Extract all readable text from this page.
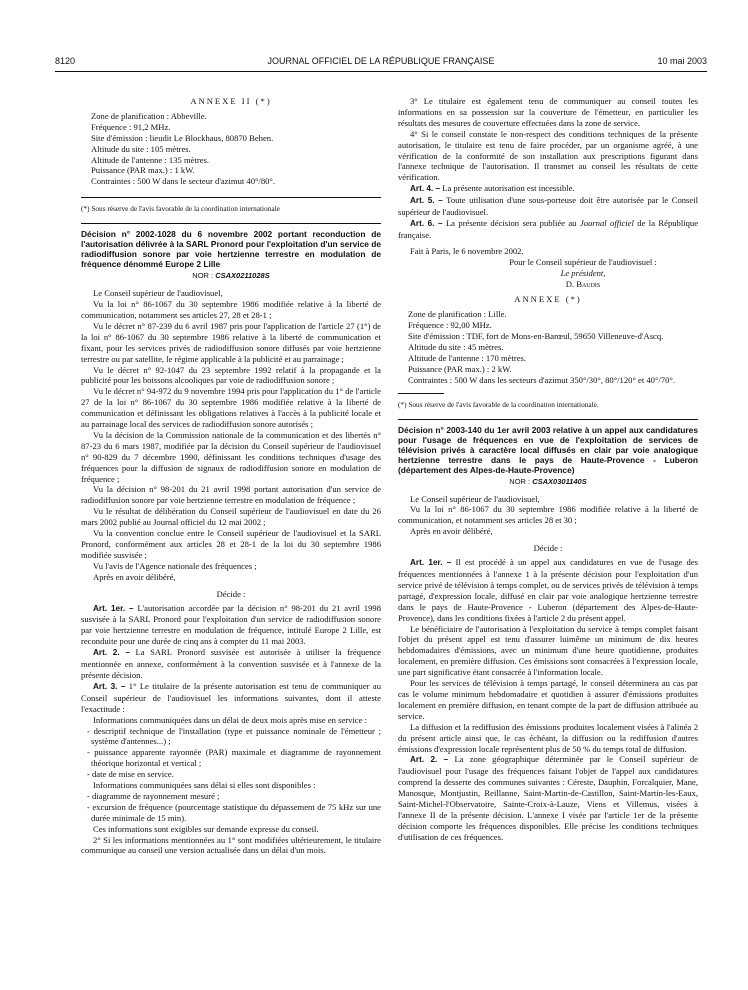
8120	JOURNAL OFFICIEL DE LA RÉPUBLIQUE FRANÇAISE	10 mai 2003

ANNEXE II (*)

Zone de planification : Abbeville.

Fréquence : 91,2 MHz.

Site d'émission : lieudit Le Blockhaus, 80870 Behen.

Altitude du site : 105 mètres.

Altitude de l'antenne : 135 mètres.

Puissance (PAR max.) : 1 kW.

Contraintes : 500 W dans le secteur d'azimut 40°/80°.

(*) Sous réserve de l'avis favorable de la coordination internationale

Décision n° 2002-1028 du 6 novembre 2002 portant reconduction de l'autorisation délivrée à la SARL Pronord pour l'exploitation d'un service de radiodiffusion sonore par voie hertzienne terrestre en modulation de fréquence dénommé Europe 2 Lille

NOR : CSAX0211028S

Le Conseil supérieur de l'audiovisuel,

Vu la loi n° 86-1067 du 30 septembre 1986 modifiée relative à la liberté de communication, notamment ses articles 27, 28 et 28-1 ;

Vu le décret n° 87-239 du 6 avril 1987 pris pour l'application de l'article 27 (1°) de la loi n° 86-1067 du 30 septembre 1986 relative à la liberté de communication et fixant, pour les services privés de radiodiffusion sonore diffusés par voie hertzienne terrestre ou par satellite, le régime applicable à la publicité et au parrainage ;

Vu le décret n° 92-1047 du 23 septembre 1992 relatif à la propagande et la publicité pour les boissons alcooliques par voie de radiodiffusion sonore ;

Vu le décret n° 94-972 du 9 novembre 1994 pris pour l'application du 1° de l'article 27 de la loi n° 86-1067 du 30 septembre 1986 modifiée relative à la liberté de communication et définissant les obligations relatives à l'accès à la publicité locale et au parrainage local des services de radiodiffusion sonore autorisés ;

Vu la décision de la Commission nationale de la communication et des libertés n° 87-23 du 6 mars 1987, modifiée par la décision du Conseil supérieur de l'audiovisuel n° 90-829 du 7 décembre 1990, définissant les conditions techniques d'usage des fréquences pour la diffusion de signaux de radiodiffusion sonore en modulation de fréquence ;

Vu la décision n° 98-201 du 21 avril 1998 portant autorisation d'un service de radiodiffusion sonore par voie hertzienne terrestre en modulation de fréquence ;

Vu le résultat de délibération du Conseil supérieur de l'audiovisuel en date du 26 mars 2002 publié au Journal officiel du 12 mai 2002 ;

Vu la convention conclue entre le Conseil supérieur de l'audiovisuel et la SARL Pronord, conformément aux articles 28 et 28-1 de la loi du 30 septembre 1986 modifiée susvisée ;

Vu l'avis de l'Agence nationale des fréquences ;

Après en avoir délibéré,

Décide :

Art. 1er. – L'autorisation accordée par la décision n° 98-201 du 21 avril 1998 susvisée à la SARL Pronord pour l'exploitation d'un service de radiodiffusion sonore par voie hertzienne terrestre en modulation de fréquence, intitulé Europe 2 Lille, est reconduite pour une durée de cinq ans à compter du 11 mai 2003.

Art. 2. – La SARL Pronord susvisée est autorisée à utiliser la fréquence mentionnée en annexe, conformément à la convention susvisée et à l'annexe de la présente décision.

Art. 3. – 1° Le titulaire de la présente autorisation est tenu de communiquer au Conseil supérieur de l'audiovisuel les informations suivantes, dont il atteste l'exactitude :

Informations communiquées dans un délai de deux mois après mise en service :

- descriptif technique de l'installation (type et puissance nominale de l'émetteur ; système d'antennes...) ;

- puissance apparente rayonnée (PAR) maximale et diagramme de rayonnement théorique horizontal et vertical ;

- date de mise en service.

Informations communiquées sans délai si elles sont disponibles :

- diagramme de rayonnement mesuré ;

- excursion de fréquence (pourcentage statistique du dépassement de 75 kHz sur une durée minimale de 15 min).

Ces informations sont exigibles sur demande expresse du conseil.

2° Si les informations mentionnées au 1° sont modifiées ultérieurement, le titulaire communique au conseil une version actualisée dans un délai d'un mois.

3° Le titulaire est également tenu de communiquer au conseil toutes les informations en sa possession sur la couverture de l'émetteur, en particulier les résultats des mesures de couverture effectuées dans la zone de service.

4° Si le conseil constate le non-respect des conditions techniques de la présente autorisation, le titulaire est tenu de faire procéder, par un organisme agréé, à une vérification de la conformité de son installation aux prescriptions figurant dans l'annexe technique de l'autorisation. Il transmet au conseil les résultats de cette vérification.

Art. 4. – La présente autorisation est incessible.

Art. 5. – Toute utilisation d'une sous-porteuse doit être autorisée par le Conseil supérieur de l'audiovisuel.

Art. 6. – La présente décision sera publiée au Journal officiel de la République française.

Fait à Paris, le 6 novembre 2002.

Pour le Conseil supérieur de l'audiovisuel :

Le président,

D. Baudis

ANNEXE (*)

Zone de planification : Lille.

Fréquence : 92,00 MHz.

Site d'émission : TDF, fort de Mons-en-Barœul, 59650 Villeneuve-d'Ascq.

Altitude du site : 45 mètres.

Altitude de l'antenne : 170 mètres.

Puissance (PAR max.) : 2 kW.

Contraintes : 500 W dans les secteurs d'azimut 350°/30°, 80°/120° et 40°/70°.

(*) Sous réserve de l'avis favorable de la coordination internationale.

Décision n° 2003-140 du 1er avril 2003 relative à un appel aux candidatures pour l'usage de fréquences en vue de l'exploitation de services de télévision privés à caractère local diffusés en clair par voie analogique hertzienne terrestre dans le pays de Haute-Provence - Luberon (département des Alpes-de-Haute-Provence)

NOR : CSAX0301140S

Le Conseil supérieur de l'audiovisuel,

Vu la loi n° 86-1067 du 30 septembre 1986 modifiée relative à la liberté de communication, et notamment ses articles 28 et 30 ;

Après en avoir délibéré,

Décide :

Art. 1er. – Il est procédé à un appel aux candidatures en vue de l'usage des fréquences mentionnées à l'annexe 1 à la présente décision pour l'exploitation d'un service privé de télévision à temps complet, ou de services privés de télévision à temps partagé, d'expression locale, diffusé en clair par voie analogique hertzienne terrestre dans le pays de Haute-Provence - Luberon (département des Alpes-de-Haute-Provence), dans les conditions fixées à l'article 2 du présent appel.

Le bénéficiaire de l'autorisation à l'exploitation du service à temps complet faisant l'objet du présent appel est tenu d'assurer luimême un minimum de dix heures hebdomadaires d'émissions, avec un minimum d'une heure quotidienne, produites localement, en première diffusion. Ces émissions sont consacrées à l'expression locale, une part significative étant consacrée à l'information locale.

Pour les services de télévision à temps partagé, le conseil déterminera au cas par cas le volume minimum hebdomadaire et quotidien à assurer d'émissions produites localement en première diffusion, en tenant compte de la part de diffusion attribuée au service.

La diffusion et la rediffusion des émissions produites localement visées à l'alinéa 2 du présent article ainsi que, le cas échéant, la diffusion ou la rediffusion d'autres émissions d'expression locale représentent plus de 50 % du temps total de diffusion.

Art. 2. – La zone géographique déterminée par le Conseil supérieur de l'audiovisuel pour l'usage des fréquences faisant l'objet de l'appel aux candidatures comprend la desserte des communes suivantes : Céreste, Dauphin, Forcalquier, Mane, Manosque, Montjustin, Reillanne, Saint-Martin-de-Castillon, Saint-Martin-les-Eaux, Saint-Michel-l'Observatoire, Sainte-Croix-à-Lauze, Viens et Villemus, visées à l'annexe II de la présente décision. L'annexe I visée par l'article 1er de la présente décision comporte les fréquences disponibles. Elle précise les conditions techniques d'utilisation de ces fréquences.
